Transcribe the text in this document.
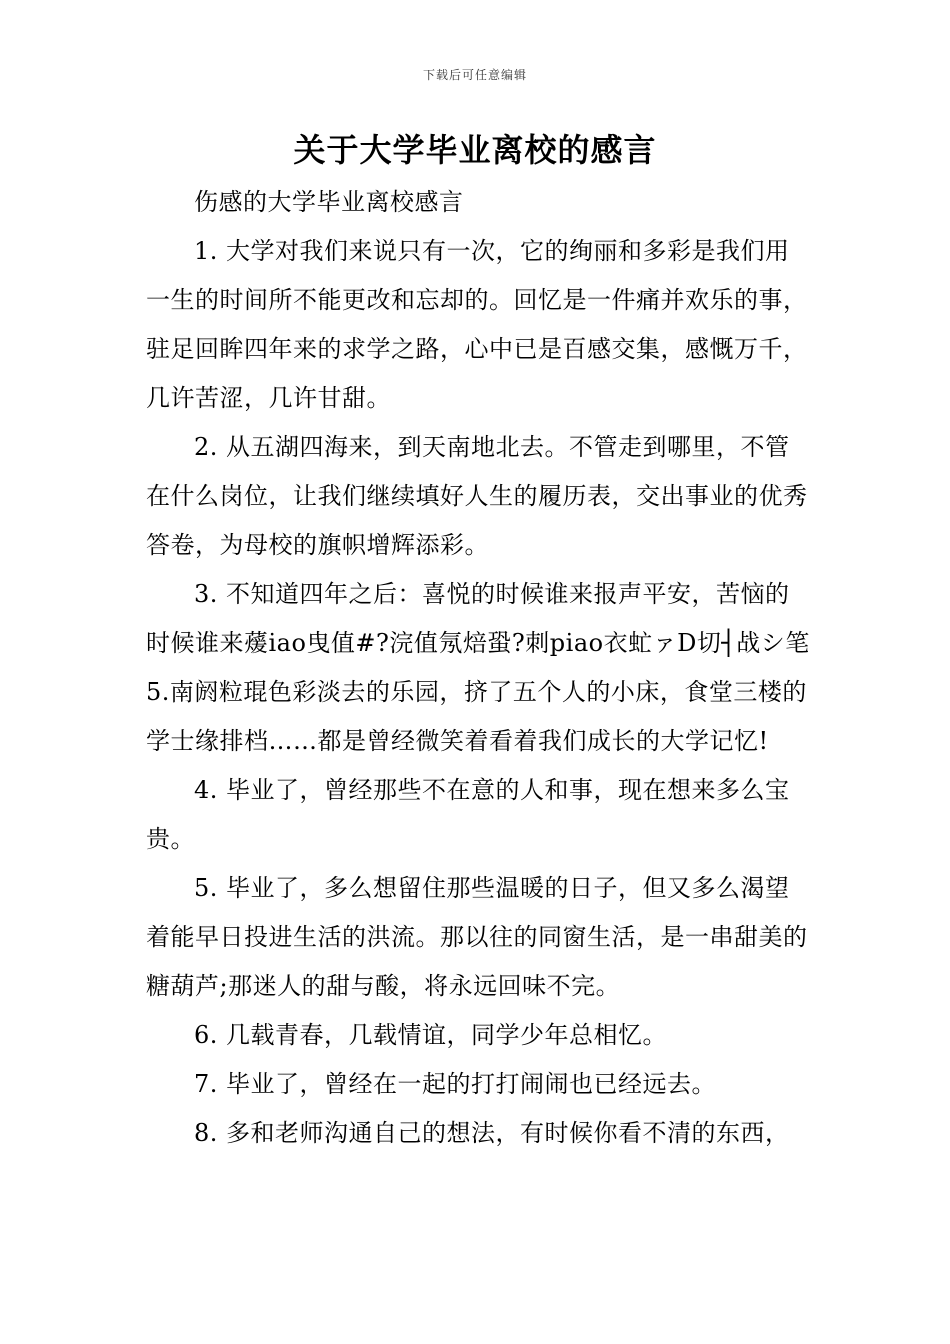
下载后可任意编辑
关于大学毕业离校的感言

伤感的大学毕业离校感言

1. 大学对我们来说只有一次，它的绚丽和多彩是我们用一生的时间所不能更改和忘却的。回忆是一件痛并欢乐的事，驻足回眸四年来的求学之路，心中已是百感交集，感慨万千，几许苦涩，几许甘甜。

2. 从五湖四海来，到天南地北去。不管走到哪里，不管在什么岗位，让我们继续填好人生的履历表，交出事业的优秀答卷，为母校的旗帜增辉添彩。

3. 不知道四年之后：喜悦的时候谁来报声平安，苦恼的时候谁来蕿iao曳值#?浣值氖焙蛩?刺piao衣虻ァD切┤战シ笔5.南阏粒琨色彩淡去的乐园，挤了五个人的小床，食堂三楼的学士缘排档……都是曾经微笑着看着我们成长的大学记忆!

4. 毕业了，曾经那些不在意的人和事，现在想来多么宝贵。

5. 毕业了，多么想留住那些温暖的日子，但又多么渴望着能早日投进生活的洪流。那以往的同窗生活，是一串甜美的糖葫芦;那迷人的甜与酸，将永远回味不完。

6. 几载青春，几载情谊，同学少年总相忆。

7. 毕业了，曾经在一起的打打闹闹也已经远去。

8. 多和老师沟通自己的想法，有时候你看不清的东西，
